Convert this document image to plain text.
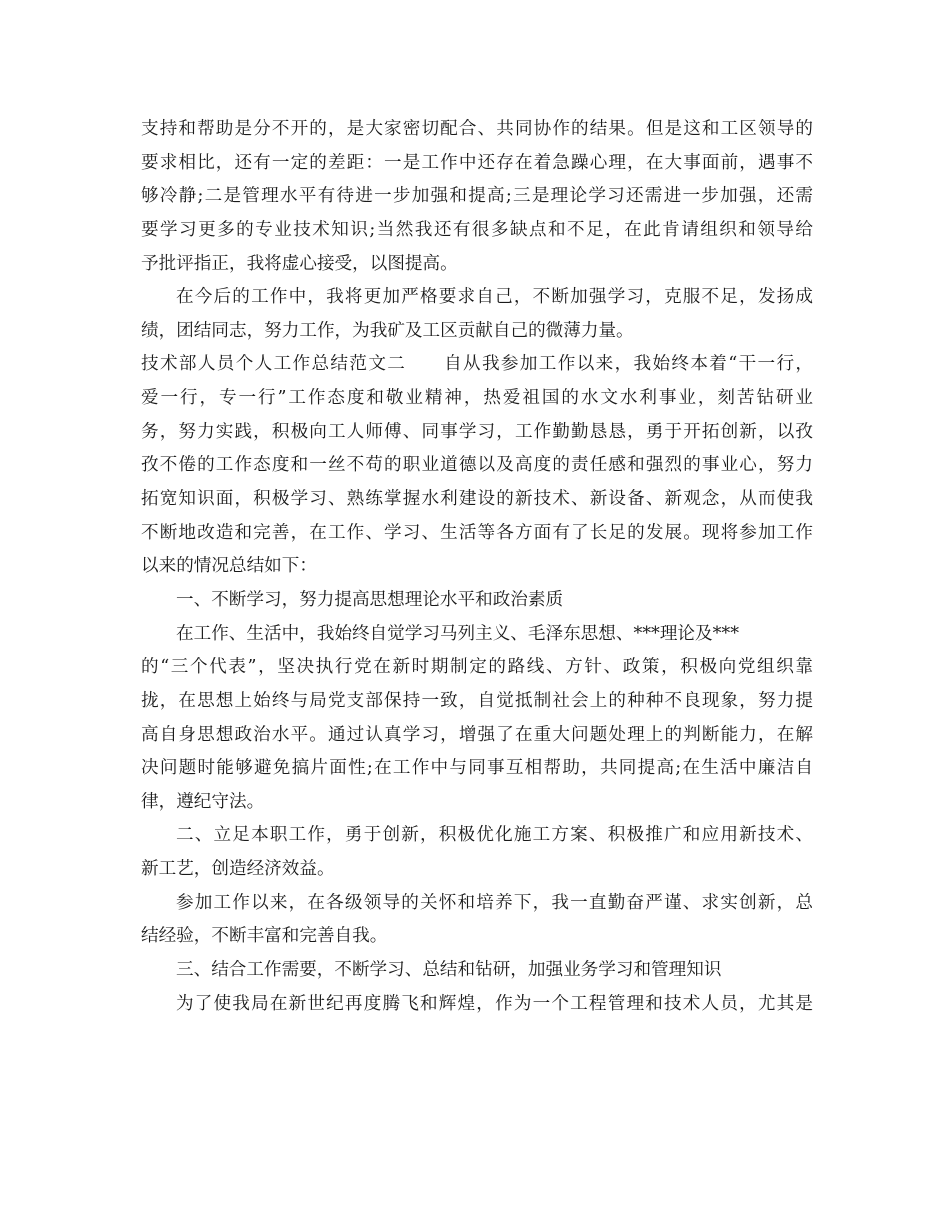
支持和帮助是分不开的，是大家密切配合、共同协作的结果。但是这和工区领导的
要求相比，还有一定的差距：一是工作中还存在着急躁心理，在大事面前，遇事不
够冷静;二是管理水平有待进一步加强和提高;三是理论学习还需进一步加强，还需
要学习更多的专业技术知识;当然我还有很多缺点和不足，在此肯请组织和领导给
予批评指正，我将虚心接受，以图提高。
在今后的工作中，我将更加严格要求自己，不断加强学习，克服不足，发扬成
绩，团结同志，努力工作，为我矿及工区贡献自己的微薄力量。
技术部人员个人工作总结范文二　　自从我参加工作以来，我始终本着“干一行，
爱一行，专一行”工作态度和敬业精神，热爱祖国的水文水利事业，刻苦钻研业
务，努力实践，积极向工人师傅、同事学习，工作勤勤恳恳，勇于开拓创新，以孜
孜不倦的工作态度和一丝不苟的职业道德以及高度的责任感和强烈的事业心，努力
拓宽知识面，积极学习、熟练掌握水利建设的新技术、新设备、新观念，从而使我
不断地改造和完善，在工作、学习、生活等各方面有了长足的发展。现将参加工作
以来的情况总结如下：
一、不断学习，努力提高思想理论水平和政治素质
在工作、生活中，我始终自觉学习马列主义、毛泽东思想、***理论及***
的“三个代表”，坚决执行党在新时期制定的路线、方针、政策，积极向党组织靠
拢，在思想上始终与局党支部保持一致，自觉抵制社会上的种种不良现象，努力提
高自身思想政治水平。通过认真学习，增强了在重大问题处理上的判断能力，在解
决问题时能够避免搞片面性;在工作中与同事互相帮助，共同提高;在生活中廉洁自
律，遵纪守法。
二、立足本职工作，勇于创新，积极优化施工方案、积极推广和应用新技术、
新工艺，创造经济效益。
参加工作以来，在各级领导的关怀和培养下，我一直勤奋严谨、求实创新，总
结经验，不断丰富和完善自我。
三、结合工作需要，不断学习、总结和钻研，加强业务学习和管理知识
为了使我局在新世纪再度腾飞和辉煌，作为一个工程管理和技术人员，尤其是
